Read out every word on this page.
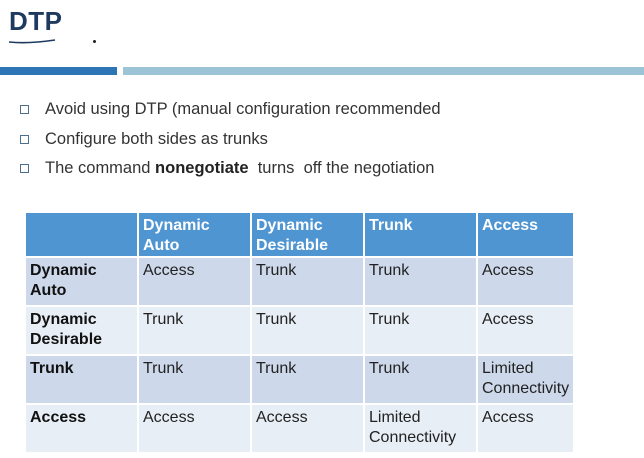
DTP
Avoid using DTP (manual configuration recommended
Configure both sides as trunks
The command nonegotiate  turns  off the negotiation
	Dynamic
Auto	Dynamic
Desirable	Trunk	Access
Dynamic
Auto	Access	Trunk	Trunk	Access
Dynamic
Desirable	Trunk	Trunk	Trunk	Access
Trunk	Trunk	Trunk	Trunk	Limited
Connectivity
Access	Access	Access	Limited
Connectivity	Access
